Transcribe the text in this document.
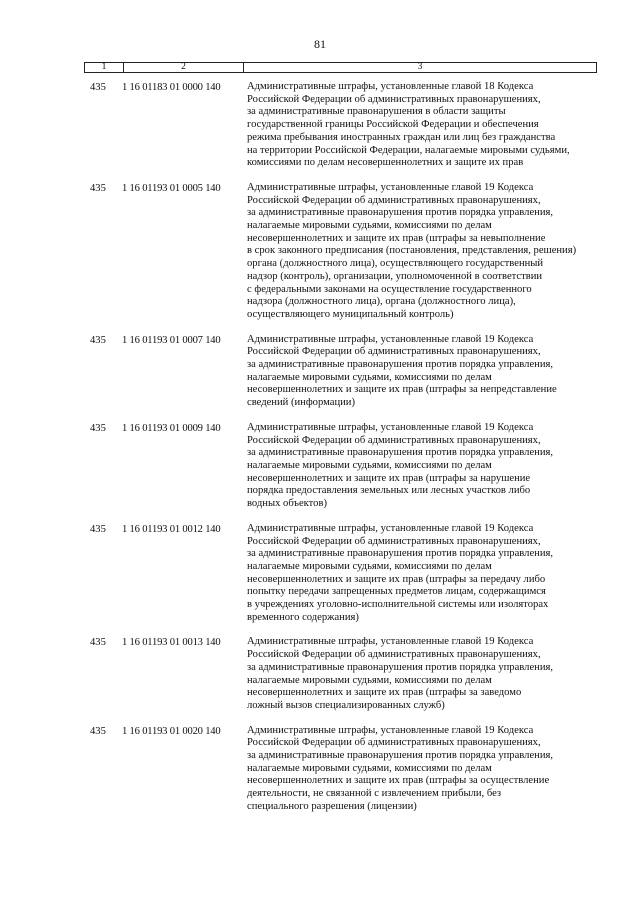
81
1	2	3
435	1 16 01183 01 0000 140	Административные штрафы, установленные главой 18 Кодекса
Российской Федерации об административных правонарушениях,
за административные правонарушения в области защиты
государственной границы Российской Федерации и обеспечения
режима пребывания иностранных граждан или лиц без гражданства
на территории Российской Федерации, налагаемые мировыми судьями,
комиссиями по делам несовершеннолетних и защите их прав
435	1 16 01193 01 0005 140	Административные штрафы, установленные главой 19 Кодекса
Российской Федерации об административных правонарушениях,
за административные правонарушения против порядка управления,
налагаемые мировыми судьями, комиссиями по делам
несовершеннолетних и защите их прав (штрафы за невыполнение
в срок законного предписания (постановления, представления, решения)
органа (должностного лица), осуществляющего государственный
надзор (контроль), организации, уполномоченной в соответствии
с федеральными законами на осуществление государственного
надзора (должностного лица), органа (должностного лица),
осуществляющего муниципальный контроль)
435	1 16 01193 01 0007 140	Административные штрафы, установленные главой 19 Кодекса
Российской Федерации об административных правонарушениях,
за административные правонарушения против порядка управления,
налагаемые мировыми судьями, комиссиями по делам
несовершеннолетних и защите их прав (штрафы за непредставление
сведений (информации)
435	1 16 01193 01 0009 140	Административные штрафы, установленные главой 19 Кодекса
Российской Федерации об административных правонарушениях,
за административные правонарушения против порядка управления,
налагаемые мировыми судьями, комиссиями по делам
несовершеннолетних и защите их прав (штрафы за нарушение
порядка предоставления земельных или лесных участков либо
водных объектов)
435	1 16 01193 01 0012 140	Административные штрафы, установленные главой 19 Кодекса
Российской Федерации об административных правонарушениях,
за административные правонарушения против порядка управления,
налагаемые мировыми судьями, комиссиями по делам
несовершеннолетних и защите их прав (штрафы за передачу либо
попытку передачи запрещенных предметов лицам, содержащимся
в учреждениях уголовно-исполнительной системы или изоляторах
временного содержания)
435	1 16 01193 01 0013 140	Административные штрафы, установленные главой 19 Кодекса
Российской Федерации об административных правонарушениях,
за административные правонарушения против порядка управления,
налагаемые мировыми судьями, комиссиями по делам
несовершеннолетних и защите их прав (штрафы за заведомо
ложный вызов специализированных служб)
435	1 16 01193 01 0020 140	Административные штрафы, установленные главой 19 Кодекса
Российской Федерации об административных правонарушениях,
за административные правонарушения против порядка управления,
налагаемые мировыми судьями, комиссиями по делам
несовершеннолетних и защите их прав (штрафы за осуществление
деятельности, не связанной с извлечением прибыли, без
специального разрешения (лицензии)
